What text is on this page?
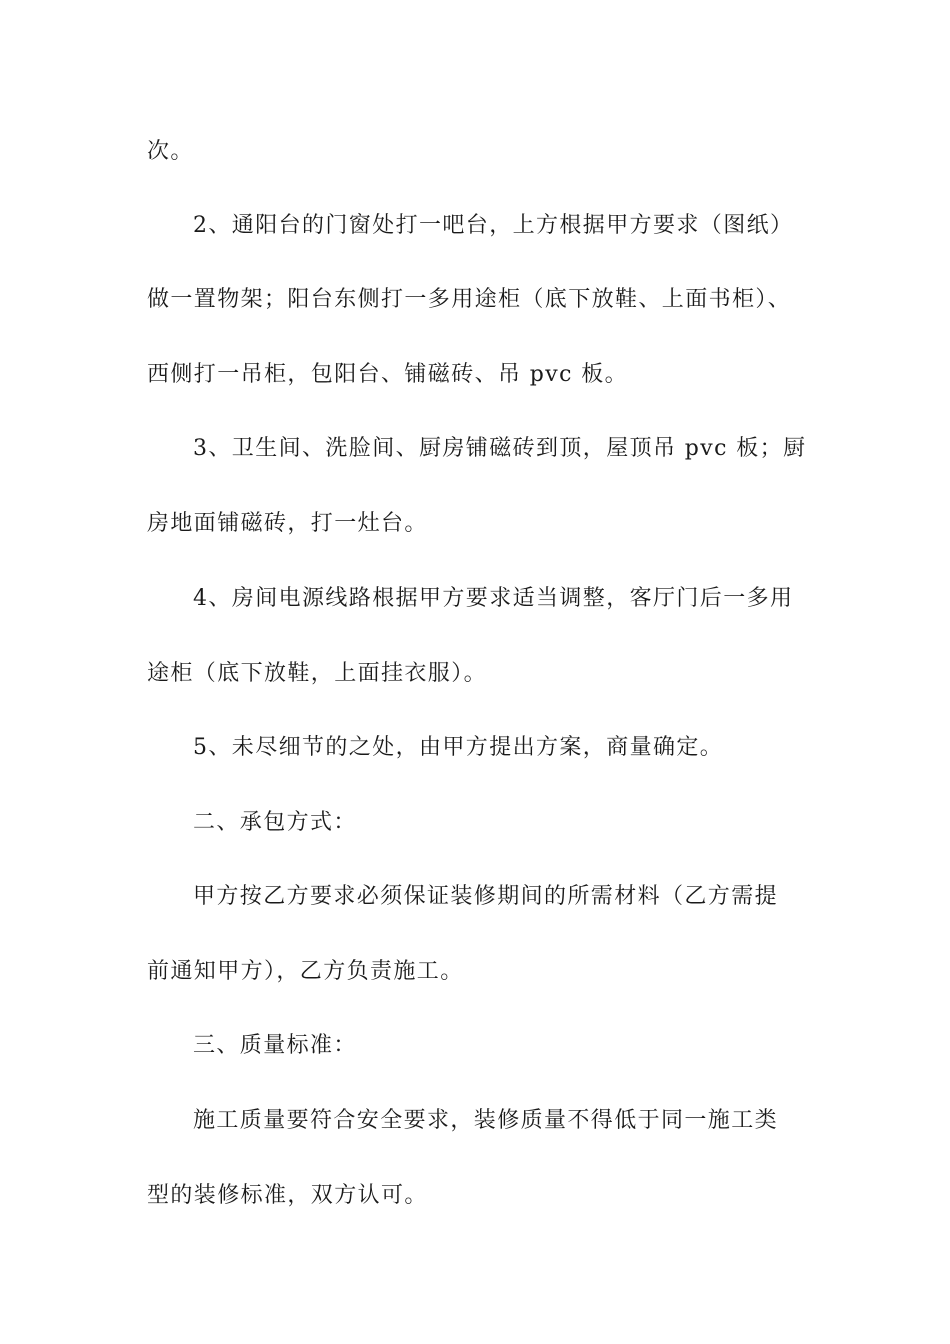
次。
2、通阳台的门窗处打一吧台，上方根据甲方要求（图纸）
做一置物架；阳台东侧打一多用途柜（底下放鞋、上面书柜）、
西侧打一吊柜，包阳台、铺磁砖、吊 pvc 板。
3、卫生间、洗脸间、厨房铺磁砖到顶，屋顶吊 pvc 板；厨
房地面铺磁砖，打一灶台。
4、房间电源线路根据甲方要求适当调整，客厅门后一多用
途柜（底下放鞋，上面挂衣服）。
5、未尽细节的之处，由甲方提出方案，商量确定。
二、承包方式：
甲方按乙方要求必须保证装修期间的所需材料（乙方需提
前通知甲方），乙方负责施工。
三、质量标准：
施工质量要符合安全要求，装修质量不得低于同一施工类
型的装修标准，双方认可。
